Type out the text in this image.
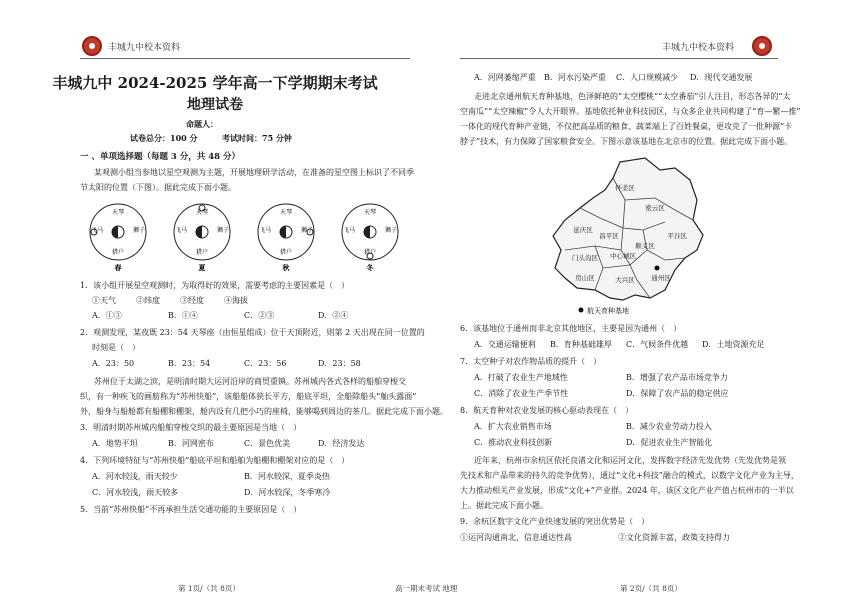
丰城九中校本资料
丰城九中 2024-2025 学年高一下学期期末考试
地理试卷
命题人：
试卷总分：100 分	考试时间：75 分钟
一 、单项选择题（每题 3 分，共 48 分）
某观测小组当参地以星空观测为主题，开展地理研学活动，在准备的星空图上标识了不同季
节太阳的位置（下图）。据此完成下面小题。
天琴
猎户
飞马	狮子
春
天琴
猎户
飞马	狮子
夏
天琴
猎户
飞马	狮子
秋
天琴
猎户
飞马	狮子
冬
1．该小组开展星空观测时，为取得好的效果，需要考虑的主要因素是（　）
①天气	②纬度	③经度	④海拔
A．①③	B．①④	C．②③	D．②④
2．观测发现，某夜既 23：54 天琴座（由恒星组成）位于天顶附近，则第 2 天出现在同一位置的
时刻是（　）
A．23：50	B．23：54	C．23：56	D．23：58
苏州位于太湖之滨，是明清时期大运河沿岸的商贸重镇。苏州城内各式各样的船舶穿梭交
织，有一种疾飞的画舫称为“苏州快船”，该船船体狭长平方，船底平坦，全船除船头“舢头露面”
外，船身与船舱都有船棚和棚架，舱内设有几把小巧的座椅，能够喝到周边的茶几。据此完成下面小题。
3．明清时期苏州城内船舶穿梭交织的最主要原因是当地（　）
A．地势平坦	B．河网密布	C．景色优美	D．经济发达
4．下列环境特征与“苏州快船”船底平坦和船舶为船棚和棚架对应的是（　）
A．河水较浅，雨天较少	B．河水较深，夏季炎热
C．河水较浅，雨天较多	D．河水较深，冬季寒冷
5．当前“苏州快船”不再承担生活交通功能的主要原因是（　）
第 1页/（共 8页）	高一期末考试 地理
丰城九中校本资料
A．河网萎缩严重 B．河水污染严重 C．人口规模减少 D．现代交通发展
走进北京通州航天育种基地，色泽鲜艳的“太空樱桃”“太空番茄”引人注目，形态各异的“太
空南瓜”“太空辣椒”令人大开眼界。基地依托种业科技园区，与众多企业共同构建了“育—繁—推”
一体化的现代育种产业链，不仅把高品质的粮食、蔬菜端上了百姓餐桌，更攻克了一批种源“卡
脖子”技术，有力保障了国家粮食安全。下图示意该基地在北京市的位置。据此完成下面小题。
怀柔区
延庆区
昌平区
密云区
平谷区
顺义区
门头沟区 中心城区
通州区
房山区	大兴区
航天育种基地
6．该基地位于通州而非北京其他地区，主要是因为通州（　）
A．交通运输便利 B．育种基础雄厚 C．气候条件优越 D．土地资源充足
7．太空种子对农作物品质的提升（　）
A．打破了农业生产地域性	B．增强了农产品市场竞争力
C．消除了农业生产季节性	D．保障了农产品的稳定供应
8．航天育种对农业发展的核心驱动表现在（　）
A．扩大农业销售市场	B．减少农业劳动力投入
C．推动农业科技创新	D．促进农业生产智能化
近年来，杭州市余杭区依托良渚文化和运河文化，发挥数字经济先发优势（先发优势是领
先技术和产品带来的持久的竞争优势），通过“文化+科技”融合的模式，以数字文化产业为主导，
大力推动相关产业发展，形成“文化+”产业群。2024 年，该区文化产业产值占杭州市的一半以
上。据此完成下面小题。
9．余杭区数字文化产业快速发展的突出优势是（　）
①运河沟通南北，信息通达性高	②文化资源丰富，政策支持得力
第 2页/（共 8页）
